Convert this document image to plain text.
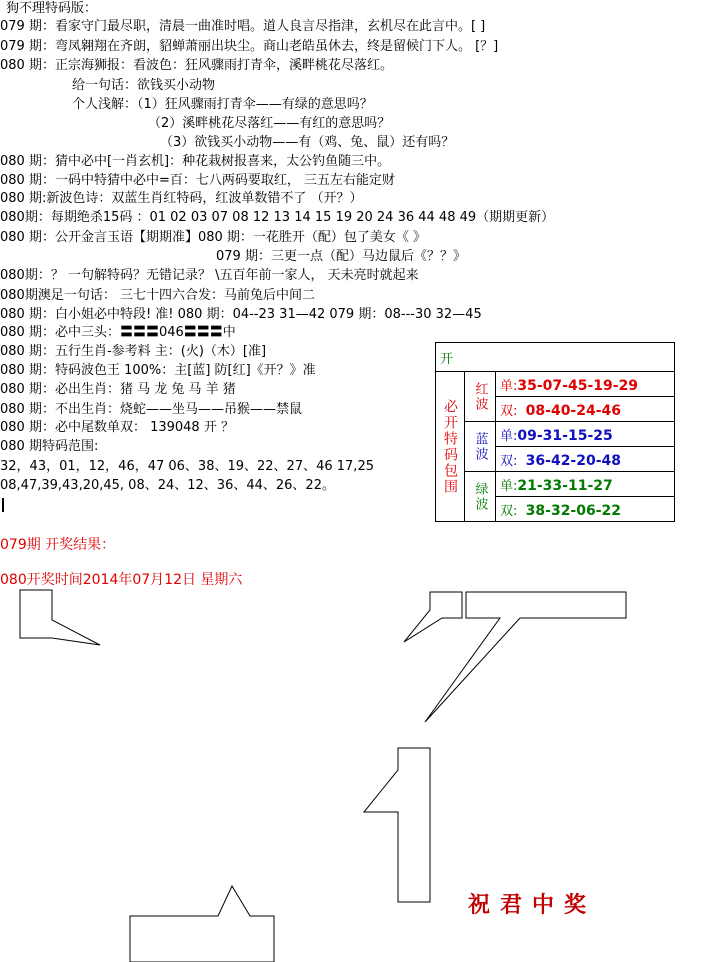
狗不理特码版：
079 期：看家守门最尽职，清晨一曲准时唱。道人良言尽指津，玄机尽在此言中。[ ]
079 期：弯凤翱翔在齐朗，貂蝉萧丽出块尘。商山老皓虽休去，终是留候门下人。 [？]
080 期：正宗海狮报：看波色：狂风骤雨打青伞，溪畔桃花尽落红。
给一句话：欲钱买小动物
个人浅解：（1）狂风骤雨打青伞——有绿的意思吗？
（2）溪畔桃花尽落红——有红的意思吗？
（3）欲钱买小动物——有（鸡、兔、鼠）还有吗？
080 期：猜中必中[一肖玄机]：种花栽树报喜来，太公钓鱼随三中。
080 期：一码中特猜中必中=百：七八两码要取红， 三五左右能定财
080 期:新波色诗：双蓝生肖红特码，红波单数错不了 （开？）
080期：每期绝杀15码 ：01 02 03 07 08 12 13 14 15 19 20 24 36 44 48 49（期期更新）
080 期：公开金言玉语【期期准】080 期：一花胜开（配）包了美女《 》
079 期：三更一点（配）马边鼠后《？？》
080期：？ 一句解特码？无错记录？ \五百年前一家人， 天未亮时就起来
080期澳足一句话： 三七十四六合发：马前兔后中间二
080 期：白小姐必中特段! 准! 080 期：04--23 31—42 079 期：08---30 32—45
080 期：必中三头：〓〓〓046〓〓〓中
080 期：五行生肖-参考料 主：(火)（木）[准]
080 期：特码波色王 100%：主[蓝] 防[红]《开？》准
080 期：必出生肖：猪 马 龙 兔 马 羊 猪
080 期：不出生肖：烧蛇——坐马——吊猴——禁鼠
080 期：必中尾数单双： 139048 开 ？
080 期特码范围:
32，43，01，12，46，47 06、38、19、22、27、46 17,25
08,47,39,43,20,45, 08、24、12、36、44、26、22。
开		
必开特码包围	红波	单:35-07-45-19-29
		双: 08-40-24-46
	蓝波	单:09-31-15-25
		双: 36-42-20-48
	绿波	单:21-33-11-27
		双: 38-32-06-22
079期 开奖结果：
080开奖时间2014年07月12日 星期六
祝君中奖
